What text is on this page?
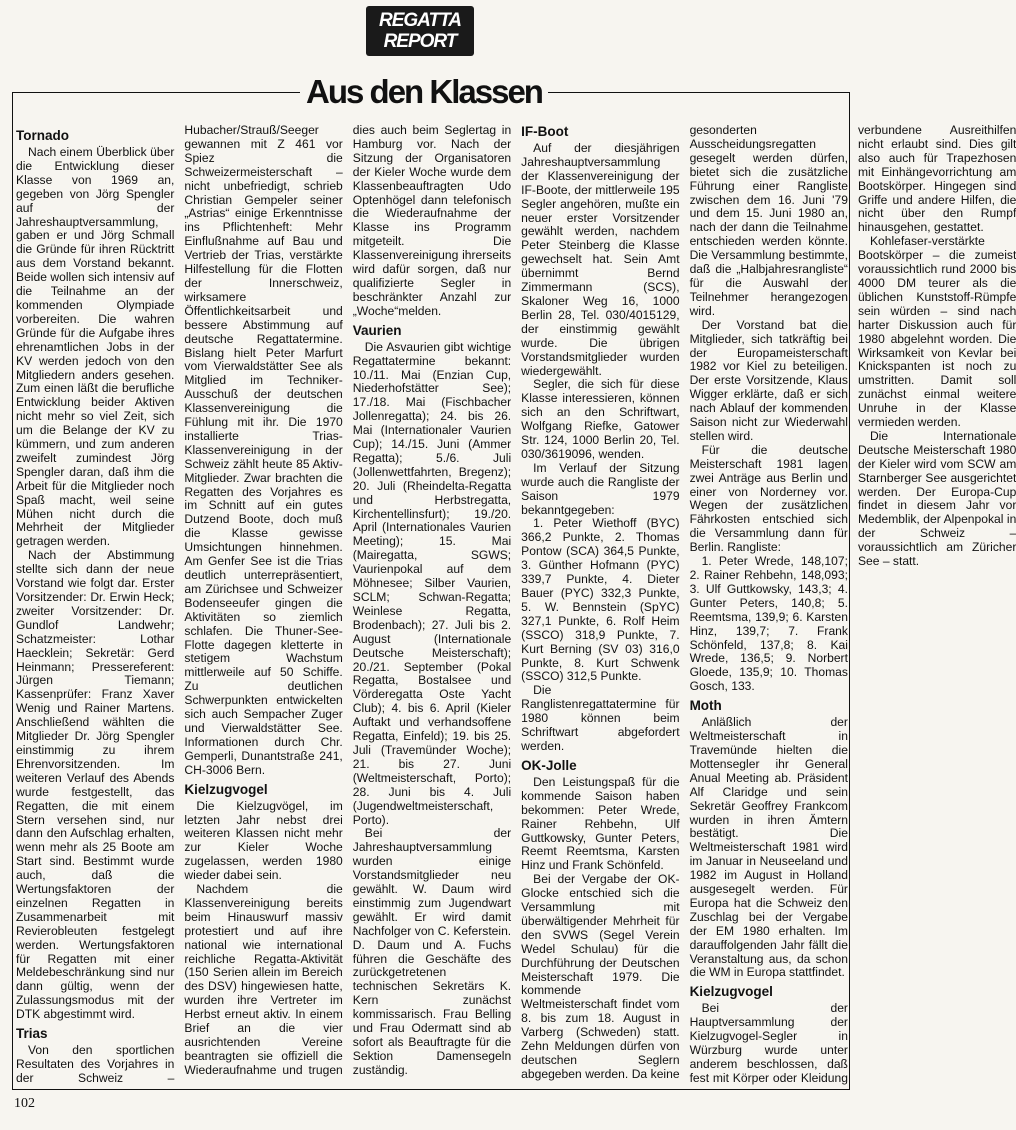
REGATTA
REPORT
Aus den Klassen
Tornado

Nach einem Überblick über die Entwicklung dieser Klasse von 1969 an, gegeben von Jörg Spengler auf der Jahreshauptversammlung, gaben er und Jörg Schmall die Gründe für ihren Rücktritt aus dem Vorstand bekannt. Beide wollen sich intensiv auf die Teilnahme an der kommenden Olympiade vorbereiten. Die wahren Gründe für die Aufgabe ihres ehrenamtlichen Jobs in der KV werden jedoch von den Mitgliedern anders gesehen. Zum einen läßt die berufliche Entwicklung beider Aktiven nicht mehr so viel Zeit, sich um die Belange der KV zu kümmern, und zum anderen zweifelt zumindest Jörg Spengler daran, daß ihm die Arbeit für die Mitglieder noch Spaß macht, weil seine Mühen nicht durch die Mehrheit der Mitglieder getragen werden.

Nach der Abstimmung stellte sich dann der neue Vorstand wie folgt dar. Erster Vorsitzender: Dr. Erwin Heck; zweiter Vorsitzender: Dr. Gundlof Landwehr; Schatzmeister: Lothar Haecklein; Sekretär: Gerd Heinmann; Pressereferent: Jürgen Tiemann; Kassenprüfer: Franz Xaver Wenig und Rainer Martens. Anschließend wählten die Mitglieder Dr. Jörg Spengler einstimmig zu ihrem Ehrenvorsitzenden. Im weiteren Verlauf des Abends wurde festgestellt, das Regatten, die mit einem Stern versehen sind, nur dann den Aufschlag erhalten, wenn mehr als 25 Boote am Start sind. Bestimmt wurde auch, daß die Wertungsfaktoren der einzelnen Regatten in Zusammenarbeit mit Revierobleuten festgelegt werden. Wertungsfaktoren für Regatten mit einer Meldebeschränkung sind nur dann gültig, wenn der Zulassungsmodus mit der DTK abgestimmt wird.

Trias

Von den sportlichen Resultaten des Vorjahres in der Schweiz – Hubacher/Strauß/Seeger gewannen mit Z 461 vor Spiez die Schweizermeisterschaft – nicht unbefriedigt, schrieb Christian Gempeler seiner „Astrias“ einige Erkenntnisse ins Pflichtenheft: Mehr Einflußnahme auf Bau und Vertrieb der Trias, verstärkte Hilfestellung für die Flotten der Innerschweiz, wirksamere Öffentlichkeitsarbeit und bessere Abstimmung auf deutsche Regattatermine. Bislang hielt Peter Marfurt vom Vierwaldstätter See als Mitglied im Techniker-Ausschuß der deutschen Klassenvereinigung die Fühlung mit ihr. Die 1970 installierte Trias-Klassenvereinigung in der Schweiz zählt heute 85 Aktiv-Mitglieder. Zwar brachten die Regatten des Vorjahres es im Schnitt auf ein gutes Dutzend Boote, doch muß die Klasse gewisse Umsichtungen hinnehmen. Am Genfer See ist die Trias deutlich unterrepräsentiert, am Zürichsee und Schweizer Bodenseeufer gingen die Aktivitäten so ziemlich schlafen. Die Thuner-See-Flotte dagegen kletterte in stetigem Wachstum mittlerweile auf 50 Schiffe. Zu deutlichen Schwerpunkten entwickelten sich auch Sempacher Zuger und Vierwaldstätter See. Informationen durch Chr. Gemperli, Dunantstraße 241, CH-3006 Bern.

Kielzugvogel

Die Kielzugvögel, im letzten Jahr nebst drei weiteren Klassen nicht mehr zur Kieler Woche zugelassen, werden 1980 wieder dabei sein.

Nachdem die Klassenvereinigung bereits beim Hinauswurf massiv protestiert und auf ihre national wie international reichliche Regatta-Aktivität (150 Serien allein im Bereich des DSV) hingewiesen hatte, wurden ihre Vertreter im Herbst erneut aktiv. In einem Brief an die vier ausrichtenden Vereine beantragten sie offiziell die Wiederaufnahme und trugen dies auch beim Seglertag in Hamburg vor. Nach der Sitzung der Organisatoren der Kieler Woche wurde dem Klassenbeauftragten Udo Optenhögel dann telefonisch die Wiederaufnahme der Klasse ins Programm mitgeteilt. Die Klassenvereinigung ihrerseits wird dafür sorgen, daß nur qualifizierte Segler in beschränkter Anzahl zur „Woche“melden.

Vaurien

Die Asvaurien gibt wichtige Regattatermine bekannt: 10./11. Mai (Enzian Cup, Niederhofstätter See); 17./18. Mai (Fischbacher Jollenregatta); 24. bis 26. Mai (Internationaler Vaurien Cup); 14./15. Juni (Ammer Regatta); 5./6. Juli (Jollenwettfahrten, Bregenz); 20. Juli (Rheindelta-Regatta und Herbstregatta, Kirchentellinsfurt); 19./20. April (Internationales Vaurien Meeting); 15. Mai (Mairegatta, SGWS; Vaurienpokal auf dem Möhnesee; Silber Vaurien, SCLM; Schwan-Regatta; Weinlese Regatta, Brodenbach); 27. Juli bis 2. August (Internationale Deutsche Meisterschaft); 20./21. September (Pokal Regatta, Bostalsee und Vörderegatta Oste Yacht Club); 4. bis 6. April (Kieler Auftakt und verhandsoffene Regatta, Einfeld); 19. bis 25. Juli (Travemünder Woche); 21. bis 27. Juni (Weltmeisterschaft, Porto); 28. Juni bis 4. Juli (Jugendweltmeisterschaft, Porto).

Bei der Jahreshauptversammlung wurden einige Vorstandsmitglieder neu gewählt. W. Daum wird einstimmig zum Jugendwart gewählt. Er wird damit Nachfolger von C. Keferstein. D. Daum und A. Fuchs führen die Geschäfte des zurückgetretenen technischen Sekretärs K. Kern zunächst kommissarisch. Frau Belling und Frau Odermatt sind ab sofort als Beauftragte für die Sektion Damensegeln zuständig.

IF-Boot

Auf der diesjährigen Jahreshauptversammlung der Klassenvereinigung der IF-Boote, der mittlerweile 195 Segler angehören, mußte ein neuer erster Vorsitzender gewählt werden, nachdem Peter Steinberg die Klasse gewechselt hat. Sein Amt übernimmt Bernd Zimmermann (SCS), Skaloner Weg 16, 1000 Berlin 28, Tel. 030/4015129, der einstimmig gewählt wurde. Die übrigen Vorstandsmitglieder wurden wiedergewählt.

Segler, die sich für diese Klasse interessieren, können sich an den Schriftwart, Wolfgang Riefke, Gatower Str. 124, 1000 Berlin 20, Tel. 030/3619096, wenden.

Im Verlauf der Sitzung wurde auch die Rangliste der Saison 1979 bekanntgegeben:

1. Peter Wiethoff (BYC) 366,2 Punkte, 2. Thomas Pontow (SCA) 364,5 Punkte, 3. Günther Hofmann (PYC) 339,7 Punkte, 4. Dieter Bauer (PYC) 332,3 Punkte, 5. W. Bennstein (SpYC) 327,1 Punkte, 6. Rolf Heim (SSCO) 318,9 Punkte, 7. Kurt Berning (SV 03) 316,0 Punkte, 8. Kurt Schwenk (SSCO) 312,5 Punkte.

Die Ranglistenregattatermine für 1980 können beim Schriftwart abgefordert werden.

OK-Jolle

Den Leistungspaß für die kommende Saison haben bekommen: Peter Wrede, Rainer Rehbehn, Ulf Guttkowsky, Gunter Peters, Reemt Reemtsma, Karsten Hinz und Frank Schönfeld.

Bei der Vergabe der OK-Glocke entschied sich die Versammlung mit überwältigender Mehrheit für den SVWS (Segel Verein Wedel Schulau) für die Durchführung der Deutschen Meisterschaft 1979. Die kommende Weltmeisterschaft findet vom 8. bis zum 18. August in Varberg (Schweden) statt. Zehn Meldungen dürfen von deutschen Seglern abgegeben werden. Da keine gesonderten Ausscheidungsregatten gesegelt werden dürfen, bietet sich die zusätzliche Führung einer Rangliste zwischen dem 16. Juni '79 und dem 15. Juni 1980 an, nach der dann die Teilnahme entschieden werden könnte. Die Versammlung bestimmte, daß die „Halbjahresrangliste“ für die Auswahl der Teilnehmer herangezogen wird.

Der Vorstand bat die Mitglieder, sich tatkräftig bei der Europameisterschaft 1982 vor Kiel zu beteiligen. Der erste Vorsitzende, Klaus Wigger erklärte, daß er sich nach Ablauf der kommenden Saison nicht zur Wiederwahl stellen wird.

Für die deutsche Meisterschaft 1981 lagen zwei Anträge aus Berlin und einer von Norderney vor. Wegen der zusätzlichen Fährkosten entschied sich die Versammlung dann für Berlin. Rangliste:

1. Peter Wrede, 148,107; 2. Rainer Rehbehn, 148,093; 3. Ulf Guttkowsky, 143,3; 4. Gunter Peters, 140,8; 5. Reemtsma, 139,9; 6. Karsten Hinz, 139,7; 7. Frank Schönfeld, 137,8; 8. Kai Wrede, 136,5; 9. Norbert Gloede, 135,9; 10. Thomas Gosch, 133.

Moth

Anläßlich der Weltmeisterschaft in Travemünde hielten die Mottensegler ihr General Anual Meeting ab. Präsident Alf Claridge und sein Sekretär Geoffrey Frankcom wurden in ihren Ämtern bestätigt. Die Weltmeisterschaft 1981 wird im Januar in Neuseeland und 1982 im August in Holland ausgesegelt werden. Für Europa hat die Schweiz den Zuschlag bei der Vergabe der EM 1980 erhalten. Im darauffolgenden Jahr fällt die Veranstaltung aus, da schon die WM in Europa stattfindet.

Kielzugvogel

Bei der Hauptversammlung der Kielzugvogel-Segler in Würzburg wurde unter anderem beschlossen, daß fest mit Körper oder Kleidung verbundene Ausreithilfen nicht erlaubt sind. Dies gilt also auch für Trapezhosen mit Einhängevorrichtung am Bootskörper. Hingegen sind Griffe und andere Hilfen, die nicht über den Rumpf hinausgehen, gestattet.

Kohlefaser-verstärkte Bootskörper – die zumeist voraussichtlich rund 2000 bis 4000 DM teurer als die üblichen Kunststoff-Rümpfe sein würden – sind nach harter Diskussion auch für 1980 abgelehnt worden. Die Wirksamkeit von Kevlar bei Knickspanten ist noch zu umstritten. Damit soll zunächst einmal weitere Unruhe in der Klasse vermieden werden.

Die Internationale Deutsche Meisterschaft 1980 der Kieler wird vom SCW am Starnberger See ausgerichtet werden. Der Europa-Cup findet in diesem Jahr vor Medemblik, der Alpenpokal in der Schweiz – voraussichtlich am Züricher See – statt.

102
